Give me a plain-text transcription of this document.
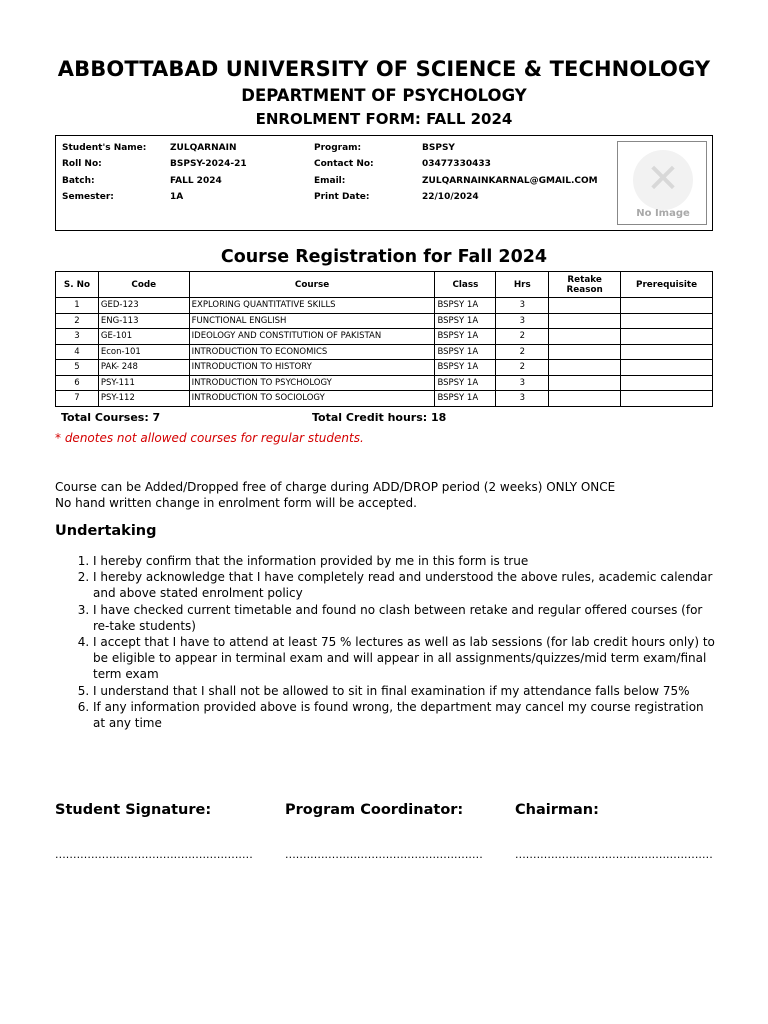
ABBOTTABAD UNIVERSITY OF SCIENCE & TECHNOLOGY
DEPARTMENT OF PSYCHOLOGY
ENROLMENT FORM: FALL 2024
Student's Name:	ZULQARNAIN	Program:	BSPSY
Roll No:	BSPSY-2024-21	Contact No:	03477330433
Batch:	FALL 2024	Email:	ZULQARNAINKARNAL@GMAIL.COM
Semester:	1A	Print Date:	22/10/2024	✕
No Image
Course Registration for Fall 2024
S. No	Code	Course	Class	Hrs	Retake Reason	Prerequisite
1	GED-123	EXPLORING QUANTITATIVE SKILLS	BSPSY 1A	3		
2	ENG-113	FUNCTIONAL ENGLISH	BSPSY 1A	3		
3	GE-101	IDEOLOGY AND CONSTITUTION OF PAKISTAN	BSPSY 1A	2		
4	Econ-101	INTRODUCTION TO ECONOMICS	BSPSY 1A	2		
5	PAK- 248	INTRODUCTION TO HISTORY	BSPSY 1A	2		
6	PSY-111	INTRODUCTION TO PSYCHOLOGY	BSPSY 1A	3		
7	PSY-112	INTRODUCTION TO SOCIOLOGY	BSPSY 1A	3		
Total Courses: 7	Total Credit hours: 18
* denotes not allowed courses for regular students.
Course can be Added/Dropped free of charge during ADD/DROP period (2 weeks) ONLY ONCE
No hand written change in enrolment form will be accepted.
Undertaking
1. I hereby confirm that the information provided by me in this form is true
2. I hereby acknowledge that I have completely read and understood the above rules, academic calendar and above stated enrolment policy
3. I have checked current timetable and found no clash between retake and regular offered courses (for re-take students)
4. I accept that I have to attend at least 75 % lectures as well as lab sessions (for lab credit hours only) to be eligible to appear in terminal exam and will appear in all assignments/quizzes/mid term exam/final term exam
5. I understand that I shall not be allowed to sit in final examination if my attendance falls below 75%
6. If any information provided above is found wrong, the department may cancel my course registration at any time
Student Signature:	Program Coordinator:	Chairman:
.......................................................	.......................................................	.......................................................
